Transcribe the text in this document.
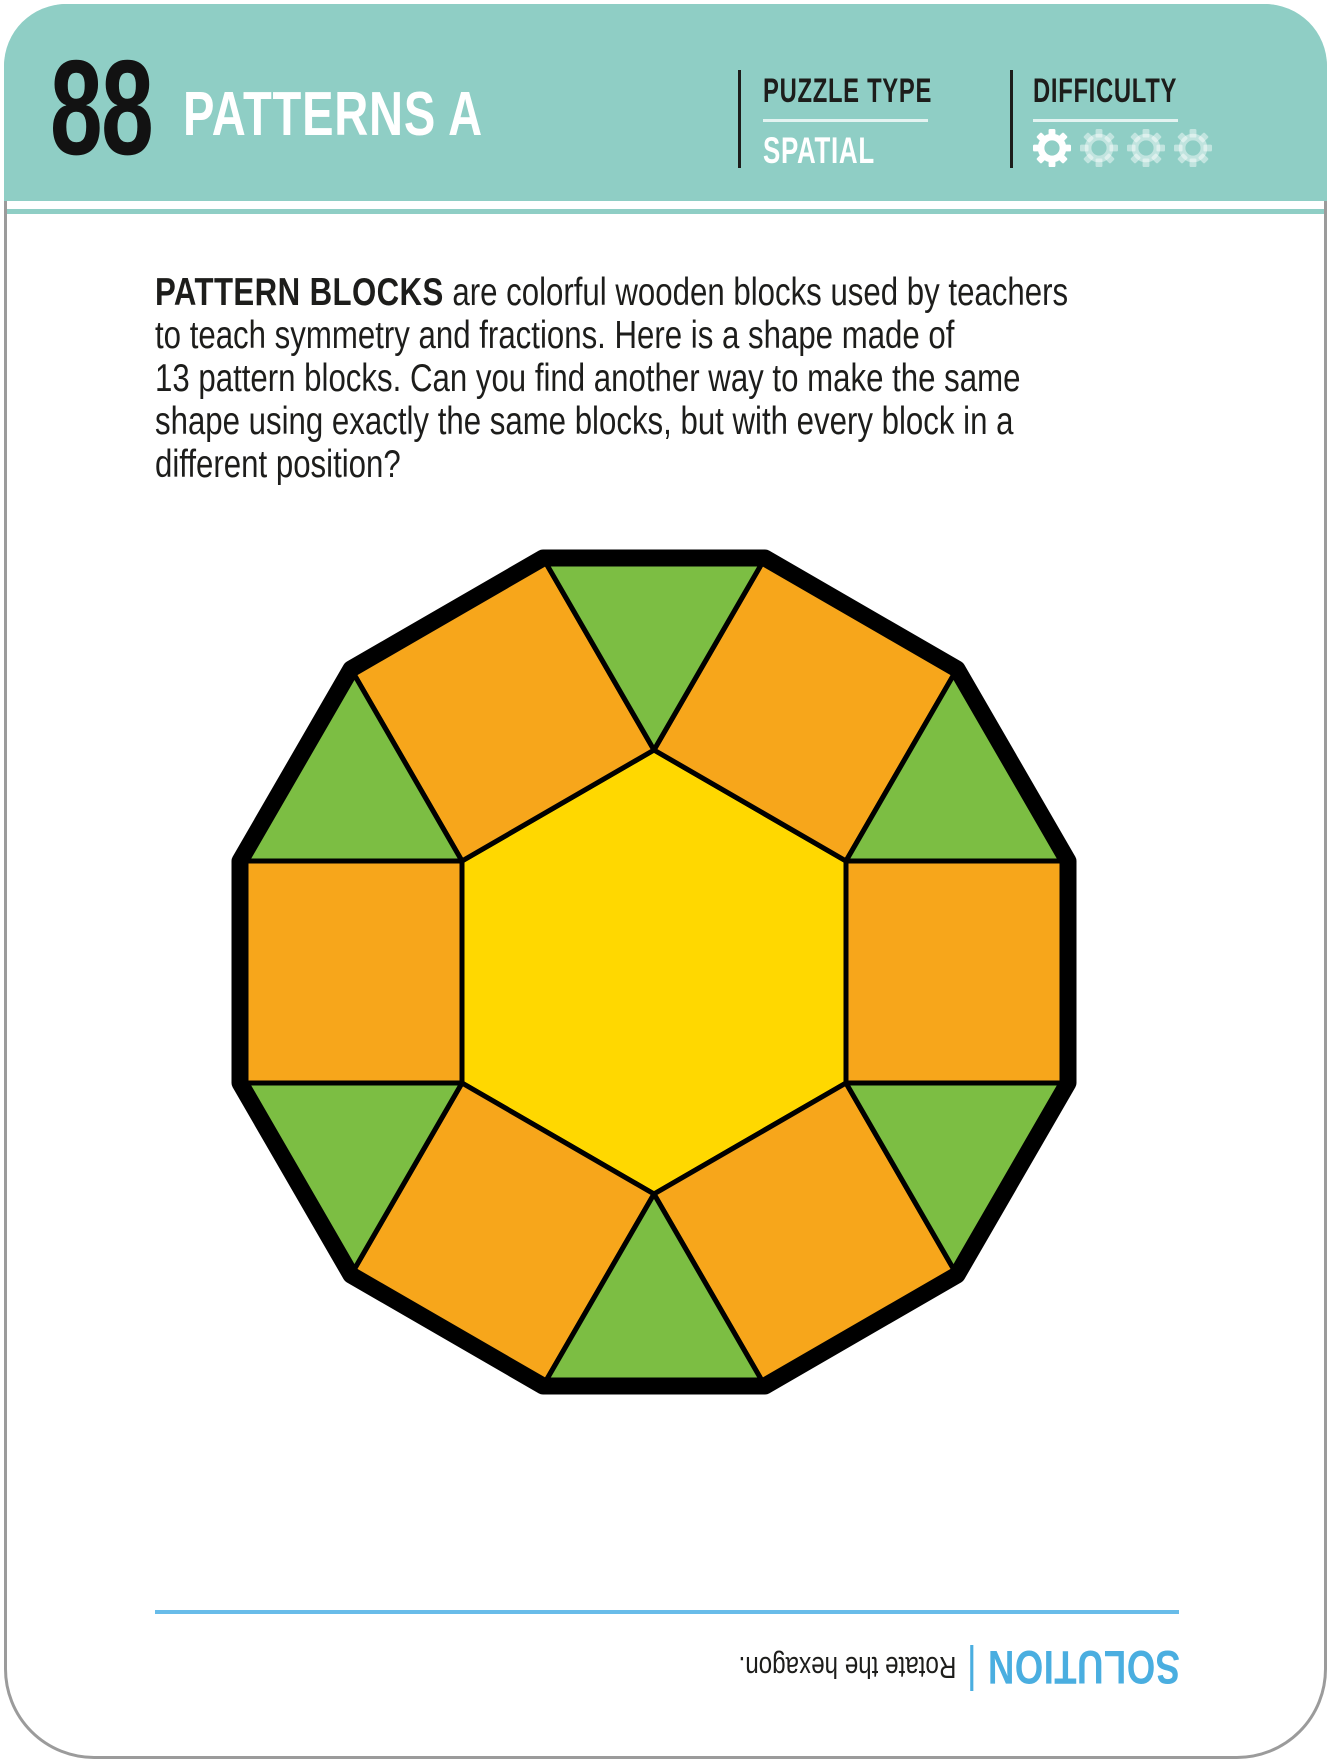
88 PATTERNS A	PUZZLE TYPE
SPATIAL
DIFFICULTY
PATTERN BLOCKS are colorful wooden blocks used by teachers
to teach symmetry and fractions. Here is a shape made of
13 pattern blocks. Can you find another way to make the same
shape using exactly the same blocks, but with every block in a
different position?
SOLUTION
Rotate the hexagon.
